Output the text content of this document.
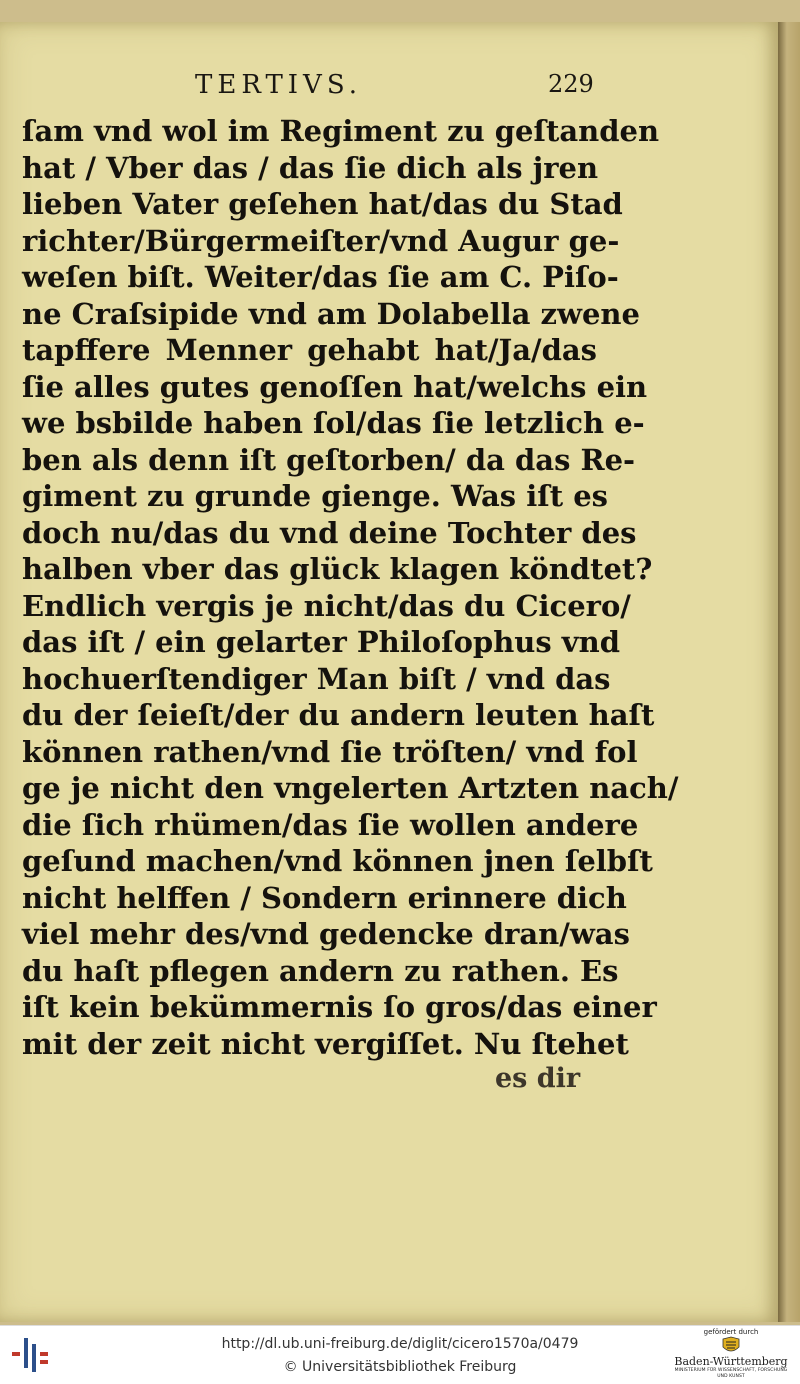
TERTIVS.	229
ſam vnd wol im Regiment zu geſtanden
hat / Vber das / das ſie dich als jren
lieben Vater geſehen hat/das du Stad
richter/Bürgermeiſter/vnd Augur ge-
weſen biſt. Weiter/das ſie am C. Piſo-
ne Craſsipide vnd am Dolabella zwene
tapffere Menner gehabt hat/Ja/das
ſie alles gutes genoſſen hat/welchs ein
we bsbilde haben ſol/das ſie letzlich e-
ben als denn iſt geſtorben/ da das Re-
giment zu grunde gienge. Was iſt es
doch nu/das du vnd deine Tochter des
halben vber das glück klagen köndtet?
Endlich vergis je nicht/das du Cicero/
das iſt / ein gelarter Philoſophus vnd
hochuerſtendiger Man biſt / vnd das
du der ſeieſt/der du andern leuten haſt
können rathen/vnd ſie tröſten/ vnd fol
ge je nicht den vngelerten Artzten nach/
die ſich rhümen/das ſie wollen andere
geſund machen/vnd können jnen ſelbſt
nicht helffen / Sondern erinnere dich
viel mehr des/vnd gedencke dran/was
du haſt pflegen andern zu rathen. Es
iſt kein bekümmernis ſo gros/das einer
mit der zeit nicht vergiſſet. Nu ſtehet
es dir
http://dl.ub.uni-freiburg.de/diglit/cicero1570a/0479
© Universitätsbibliothek Freiburg
gefördert durch
Baden-Württemberg
MINISTERIUM FÜR WISSENSCHAFT, FORSCHUNG UND KUNST
